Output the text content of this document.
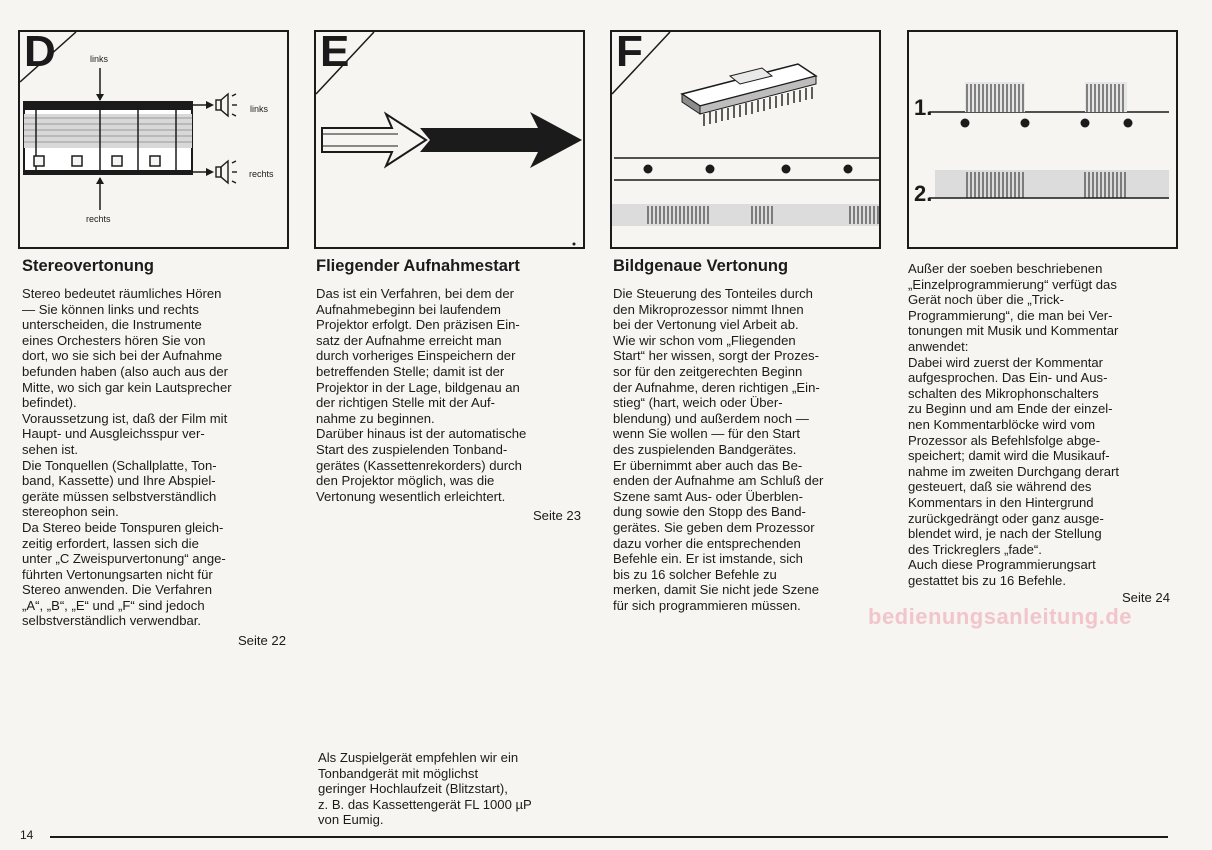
D	links
rechts
links
rechts
E	F
1.
2.
Stereovertonung

Stereo bedeutet räumliches Hören
— Sie können links und rechts
unterscheiden, die Instrumente
eines Orchesters hören Sie von
dort, wo sie sich bei der Aufnahme
befunden haben (also auch aus der
Mitte, wo sich gar kein Lautsprecher
befindet).
Voraussetzung ist, daß der Film mit
Haupt- und Ausgleichsspur ver-
sehen ist.
Die Tonquellen (Schallplatte, Ton-
band, Kassette) und Ihre Abspiel-
geräte müssen selbstverständlich
stereophon sein.
Da Stereo beide Tonspuren gleich-
zeitig erfordert, lassen sich die
unter „C Zweispurvertonung“ ange-
führten Vertonungsarten nicht für
Stereo anwenden. Die Verfahren
„A“, „B“, „E“ und „F“ sind jedoch
selbstverständlich verwendbar.

Seite 22
Fliegender Aufnahmestart

Das ist ein Verfahren, bei dem der
Aufnahmebeginn bei laufendem
Projektor erfolgt. Den präzisen Ein-
satz der Aufnahme erreicht man
durch vorheriges Einspeichern der
betreffenden Stelle; damit ist der
Projektor in der Lage, bildgenau an
der richtigen Stelle mit der Auf-
nahme zu beginnen.
Darüber hinaus ist der automatische
Start des zuspielenden Tonband-
gerätes (Kassettenrekorders) durch
den Projektor möglich, was die
Vertonung wesentlich erleichtert.

Seite 23
Bildgenaue Vertonung

Die Steuerung des Tonteiles durch
den Mikroprozessor nimmt Ihnen
bei der Vertonung viel Arbeit ab.
Wie wir schon vom „Fliegenden
Start“ her wissen, sorgt der Prozes-
sor für den zeitgerechten Beginn
der Aufnahme, deren richtigen „Ein-
stieg“ (hart, weich oder Über-
blendung) und außerdem noch —
wenn Sie wollen — für den Start
des zuspielenden Bandgerätes.
Er übernimmt aber auch das Be-
enden der Aufnahme am Schluß der
Szene samt Aus- oder Überblen-
dung sowie den Stopp des Band-
gerätes. Sie geben dem Prozessor
dazu vorher die entsprechenden
Befehle ein. Er ist imstande, sich
bis zu 16 solcher Befehle zu
merken, damit Sie nicht jede Szene
für sich programmieren müssen.

Außer der soeben beschriebenen
„Einzelprogrammierung“ verfügt das
Gerät noch über die „Trick-
Programmierung“, die man bei Ver-
tonungen mit Musik und Kommentar
anwendet:
Dabei wird zuerst der Kommentar
aufgesprochen. Das Ein- und Aus-
schalten des Mikrophonschalters
zu Beginn und am Ende der einzel-
nen Kommentarblöcke wird vom
Prozessor als Befehlsfolge abge-
speichert; damit wird die Musikauf-
nahme im zweiten Durchgang derart
gesteuert, daß sie während des
Kommentars in den Hintergrund
zurückgedrängt oder ganz ausge-
blendet wird, je nach der Stellung
des Trickreglers „fade“.
Auch diese Programmierungsart
gestattet bis zu 16 Befehle.

Seite 24
bedienungsanleitung.de

Als Zuspielgerät empfehlen wir ein
Tonbandgerät mit möglichst
geringer Hochlaufzeit (Blitzstart),
z. B. das Kassettengerät FL 1000 µP
von Eumig.

14
